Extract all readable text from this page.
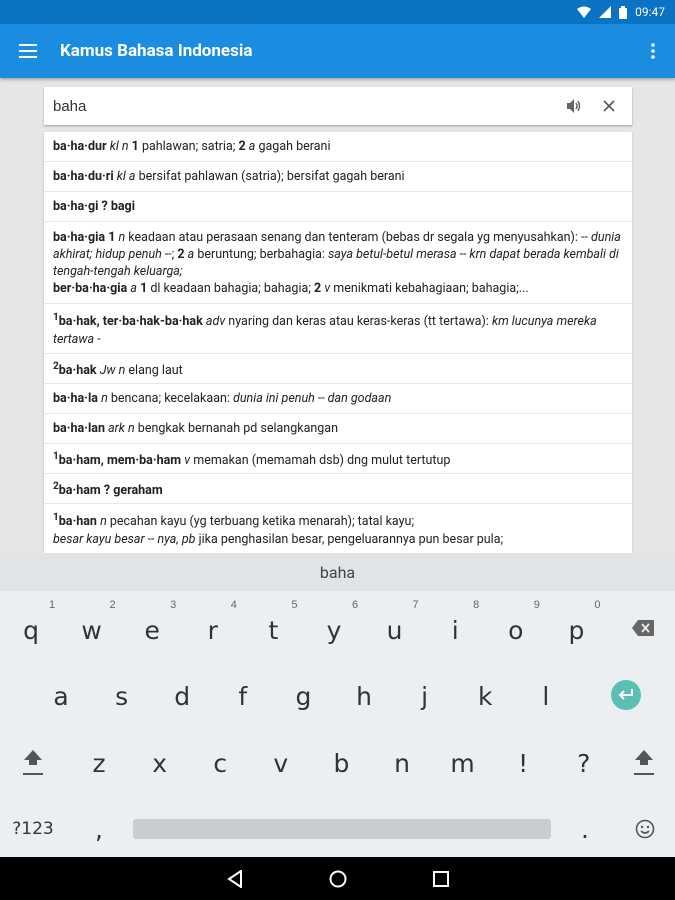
09:47
Kamus Bahasa Indonesia
baha
ba·ha·dur kl n 1 pahlawan; satria; 2 a gagah berani
ba·ha·du·ri kl a bersifat pahlawan (satria); bersifat gagah berani
ba·ha·gi ? bagi
ba·ha·gia 1 n keadaan atau perasaan senang dan tenteram (bebas dr segala yg menyusahkan): -- dunia akhirat; hidup penuh --; 2 a beruntung; berbahagia: saya betul-betul merasa -- krn dapat berada kembali di tengah-tengah keluarga;
ber·ba·ha·gia a 1 dl keadaan bahagia; bahagia; 2 v menikmati kebahagiaan; bahagia;...
$^1$ba·hak, ter·ba·hak-ba·hak adv nyaring dan keras atau keras-keras (tt tertawa): km lucunya mereka tertawa -
$^2$ba·hak Jw n elang laut
ba·ha·la n bencana; kecelakaan: dunia ini penuh -- dan godaan
ba·ha·lan ark n bengkak bernanah pd selangkangan
$^1$ba·ham, mem·ba·ham v memakan (memamah dsb) dng mulut tertutup
$^2$ba·ham ? geraham
$^1$ba·han n pecahan kayu (yg terbuang ketika menarah); tatal kayu;
besar kayu besar -- nya, pb jika penghasilan besar, pengeluarannya pun besar pula;
baha
q
1
w
2
e
3
r
4
t
5
y
6
u
7
i
8
o
9
p
0
a	s	d	f	g	h	j	k	l
z	x	c	v	b	n	m	!	?
?123	,	.
